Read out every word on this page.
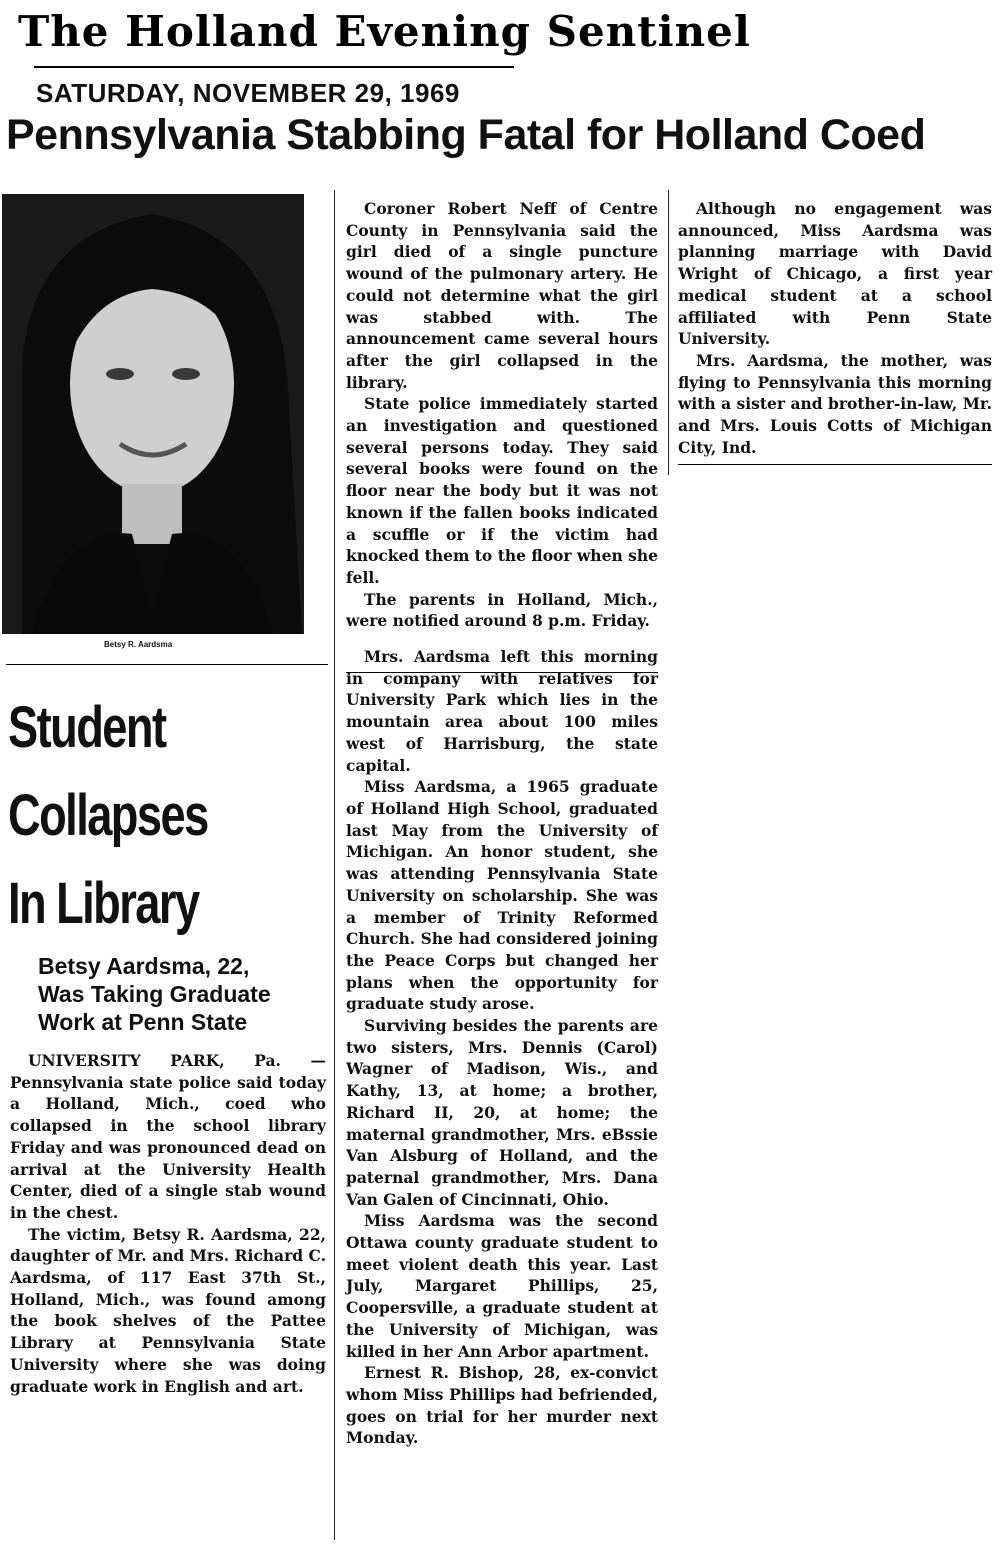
The Holland Evening Sentinel
SATURDAY, NOVEMBER 29, 1969
Pennsylvania Stabbing Fatal for Holland Coed
Betsy R. Aardsma
Student
Collapses
In Library
Betsy Aardsma, 22,
Was Taking Graduate
Work at Penn State

UNIVERSITY PARK, Pa. — Pennsylvania state police said today a Holland, Mich., coed who collapsed in the school library Friday and was pronounced dead on arrival at the University Health Center, died of a single stab wound in the chest.

The victim, Betsy R. Aardsma, 22, daughter of Mr. and Mrs. Richard C. Aardsma, of 117 East 37th St., Holland, Mich., was found among the book shelves of the Pattee Library at Pennsylvania State University where she was doing graduate work in English and art.

Coroner Robert Neff of Centre County in Pennsylvania said the girl died of a single puncture wound of the pulmonary artery. He could not determine what the girl was stabbed with. The announcement came several hours after the girl collapsed in the library.

State police immediately started an investigation and questioned several persons today. They said several books were found on the floor near the body but it was not known if the fallen books indicated a scuffle or if the victim had knocked them to the floor when she fell.

The parents in Holland, Mich., were notified around 8 p.m. Friday.

Mrs. Aardsma left this morning in company with relatives for University Park which lies in the mountain area about 100 miles west of Harrisburg, the state capital.

Miss Aardsma, a 1965 graduate of Holland High School, graduated last May from the University of Michigan. An honor student, she was attending Pennsylvania State University on scholarship. She was a member of Trinity Reformed Church. She had considered joining the Peace Corps but changed her plans when the opportunity for graduate study arose.

Surviving besides the parents are two sisters, Mrs. Dennis (Carol) Wagner of Madison, Wis., and Kathy, 13, at home; a brother, Richard II, 20, at home; the maternal grandmother, Mrs. eBssie Van Alsburg of Holland, and the paternal grandmother, Mrs. Dana Van Galen of Cincinnati, Ohio.

Miss Aardsma was the second Ottawa county graduate student to meet violent death this year. Last July, Margaret Phillips, 25, Coopersville, a graduate student at the University of Michigan, was killed in her Ann Arbor apartment.

Ernest R. Bishop, 28, ex-convict whom Miss Phillips had befriended, goes on trial for her murder next Monday.

Although no engagement was announced, Miss Aardsma was planning marriage with David Wright of Chicago, a first year medical student at a school affiliated with Penn State University.

Mrs. Aardsma, the mother, was flying to Pennsylvania this morning with a sister and brother-in-law, Mr. and Mrs. Louis Cotts of Michigan City, Ind.
